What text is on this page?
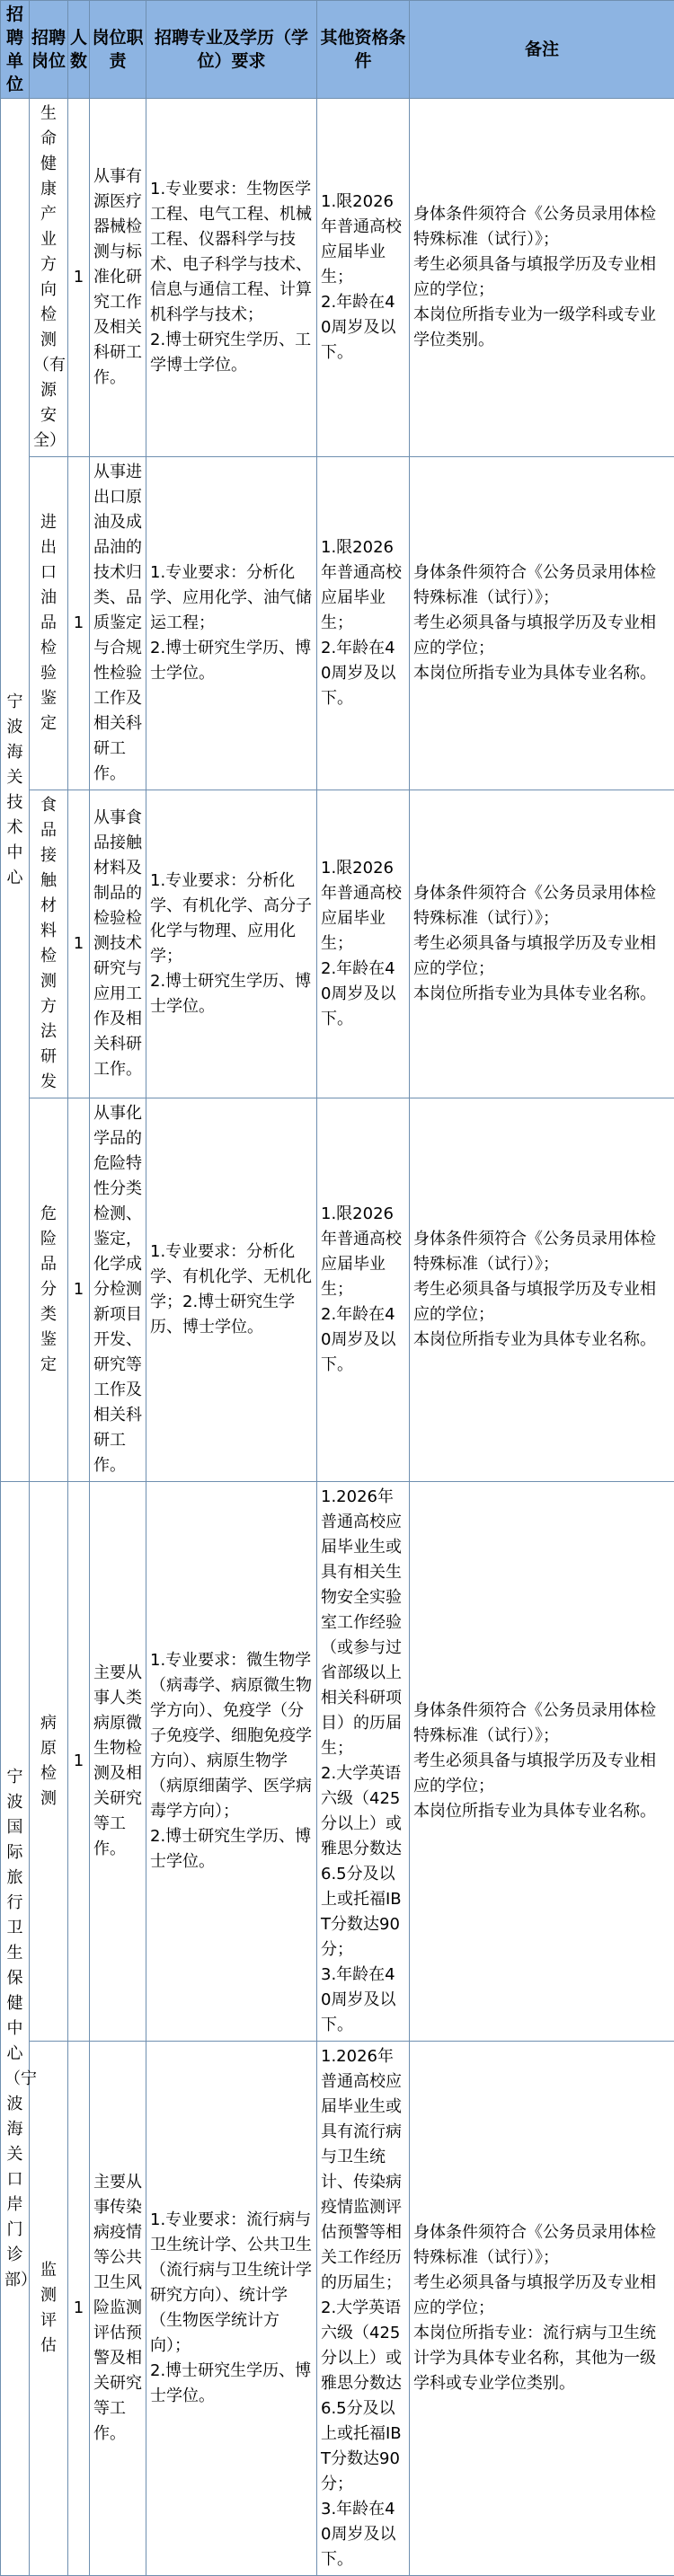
招聘单位	招聘岗位	人数	岗位职责	招聘专业及学历（学位）要求	其他资格条件	备注
宁波海关技术中心	生命健康产业方向检测（有源安全）	1	从事有源医疗器械检测与标准化研究工作及相关科研工作。	1.专业要求：生物医学工程、电气工程、机械工程、仪器科学与技术、电子科学与技术、信息与通信工程、计算机科学与技术；
2.博士研究生学历、工学博士学位。	1.限2026年普通高校应届毕业生；
2.年龄在40周岁及以下。	身体条件须符合《公务员录用体检特殊标准（试行）》；
考生必须具备与填报学历及专业相应的学位；
本岗位所指专业为一级学科或专业学位类别。

	进出口油品检验鉴定	1	从事进出口原油及成品油的技术归类、品质鉴定与合规性检验工作及相关科研工作。	1.专业要求：分析化学、应用化学、油气储运工程；
2.博士研究生学历、博士学位。	1.限2026年普通高校应届毕业生；
2.年龄在40周岁及以下。	身体条件须符合《公务员录用体检特殊标准（试行）》；
考生必须具备与填报学历及专业相应的学位；
本岗位所指专业为具体专业名称。

	食品接触材料检测方法研发	1	从事食品接触材料及制品的检验检测技术研究与应用工作及相关科研工作。	1.专业要求：分析化学、有机化学、高分子化学与物理、应用化学；
2.博士研究生学历、博士学位。	1.限2026年普通高校应届毕业生；
2.年龄在40周岁及以下。	身体条件须符合《公务员录用体检特殊标准（试行）》；
考生必须具备与填报学历及专业相应的学位；
本岗位所指专业为具体专业名称。

	危险品分类鉴定	1	从事化学品的危险特性分类检测、鉴定，化学成分检测新项目开发、研究等工作及相关科研工作。	1.专业要求：分析化学、有机化学、无机化学；2.博士研究生学历、博士学位。	1.限2026年普通高校应届毕业生；
2.年龄在40周岁及以下。	身体条件须符合《公务员录用体检特殊标准（试行）》；
考生必须具备与填报学历及专业相应的学位；
本岗位所指专业为具体专业名称。

宁波国际旅行卫生保健中心（宁波海关口岸门诊部）	病原检测	1	主要从事人类病原微生物检测及相关研究等工作。	1.专业要求：微生物学（病毒学、病原微生物学方向）、免疫学（分子免疫学、细胞免疫学方向）、病原生物学（病原细菌学、医学病毒学方向）；
2.博士研究生学历、博士学位。	1.2026年普通高校应届毕业生或具有相关生物安全实验室工作经验（或参与过省部级以上相关科研项目）的历届生；
2.大学英语六级（425分以上）或雅思分数达6.5分及以上或托福IBT分数达90分；
3.年龄在40周岁及以下。	身体条件须符合《公务员录用体检特殊标准（试行）》；
考生必须具备与填报学历及专业相应的学位；
本岗位所指专业为具体专业名称。

	监测评估	1	主要从事传染病疫情等公共卫生风险监测评估预警及相关研究等工作。	1.专业要求：流行病与卫生统计学、公共卫生（流行病与卫生统计学研究方向）、统计学（生物医学统计方向）；
2.博士研究生学历、博士学位。	1.2026年普通高校应届毕业生或具有流行病与卫生统计、传染病疫情监测评估预警等相关工作经历的历届生；
2.大学英语六级（425分以上）或雅思分数达6.5分及以上或托福IBT分数达90分；
3.年龄在40周岁及以下。	身体条件须符合《公务员录用体检特殊标准（试行）》；
考生必须具备与填报学历及专业相应的学位；
本岗位所指专业：流行病与卫生统计学为具体专业名称，其他为一级学科或专业学位类别。
